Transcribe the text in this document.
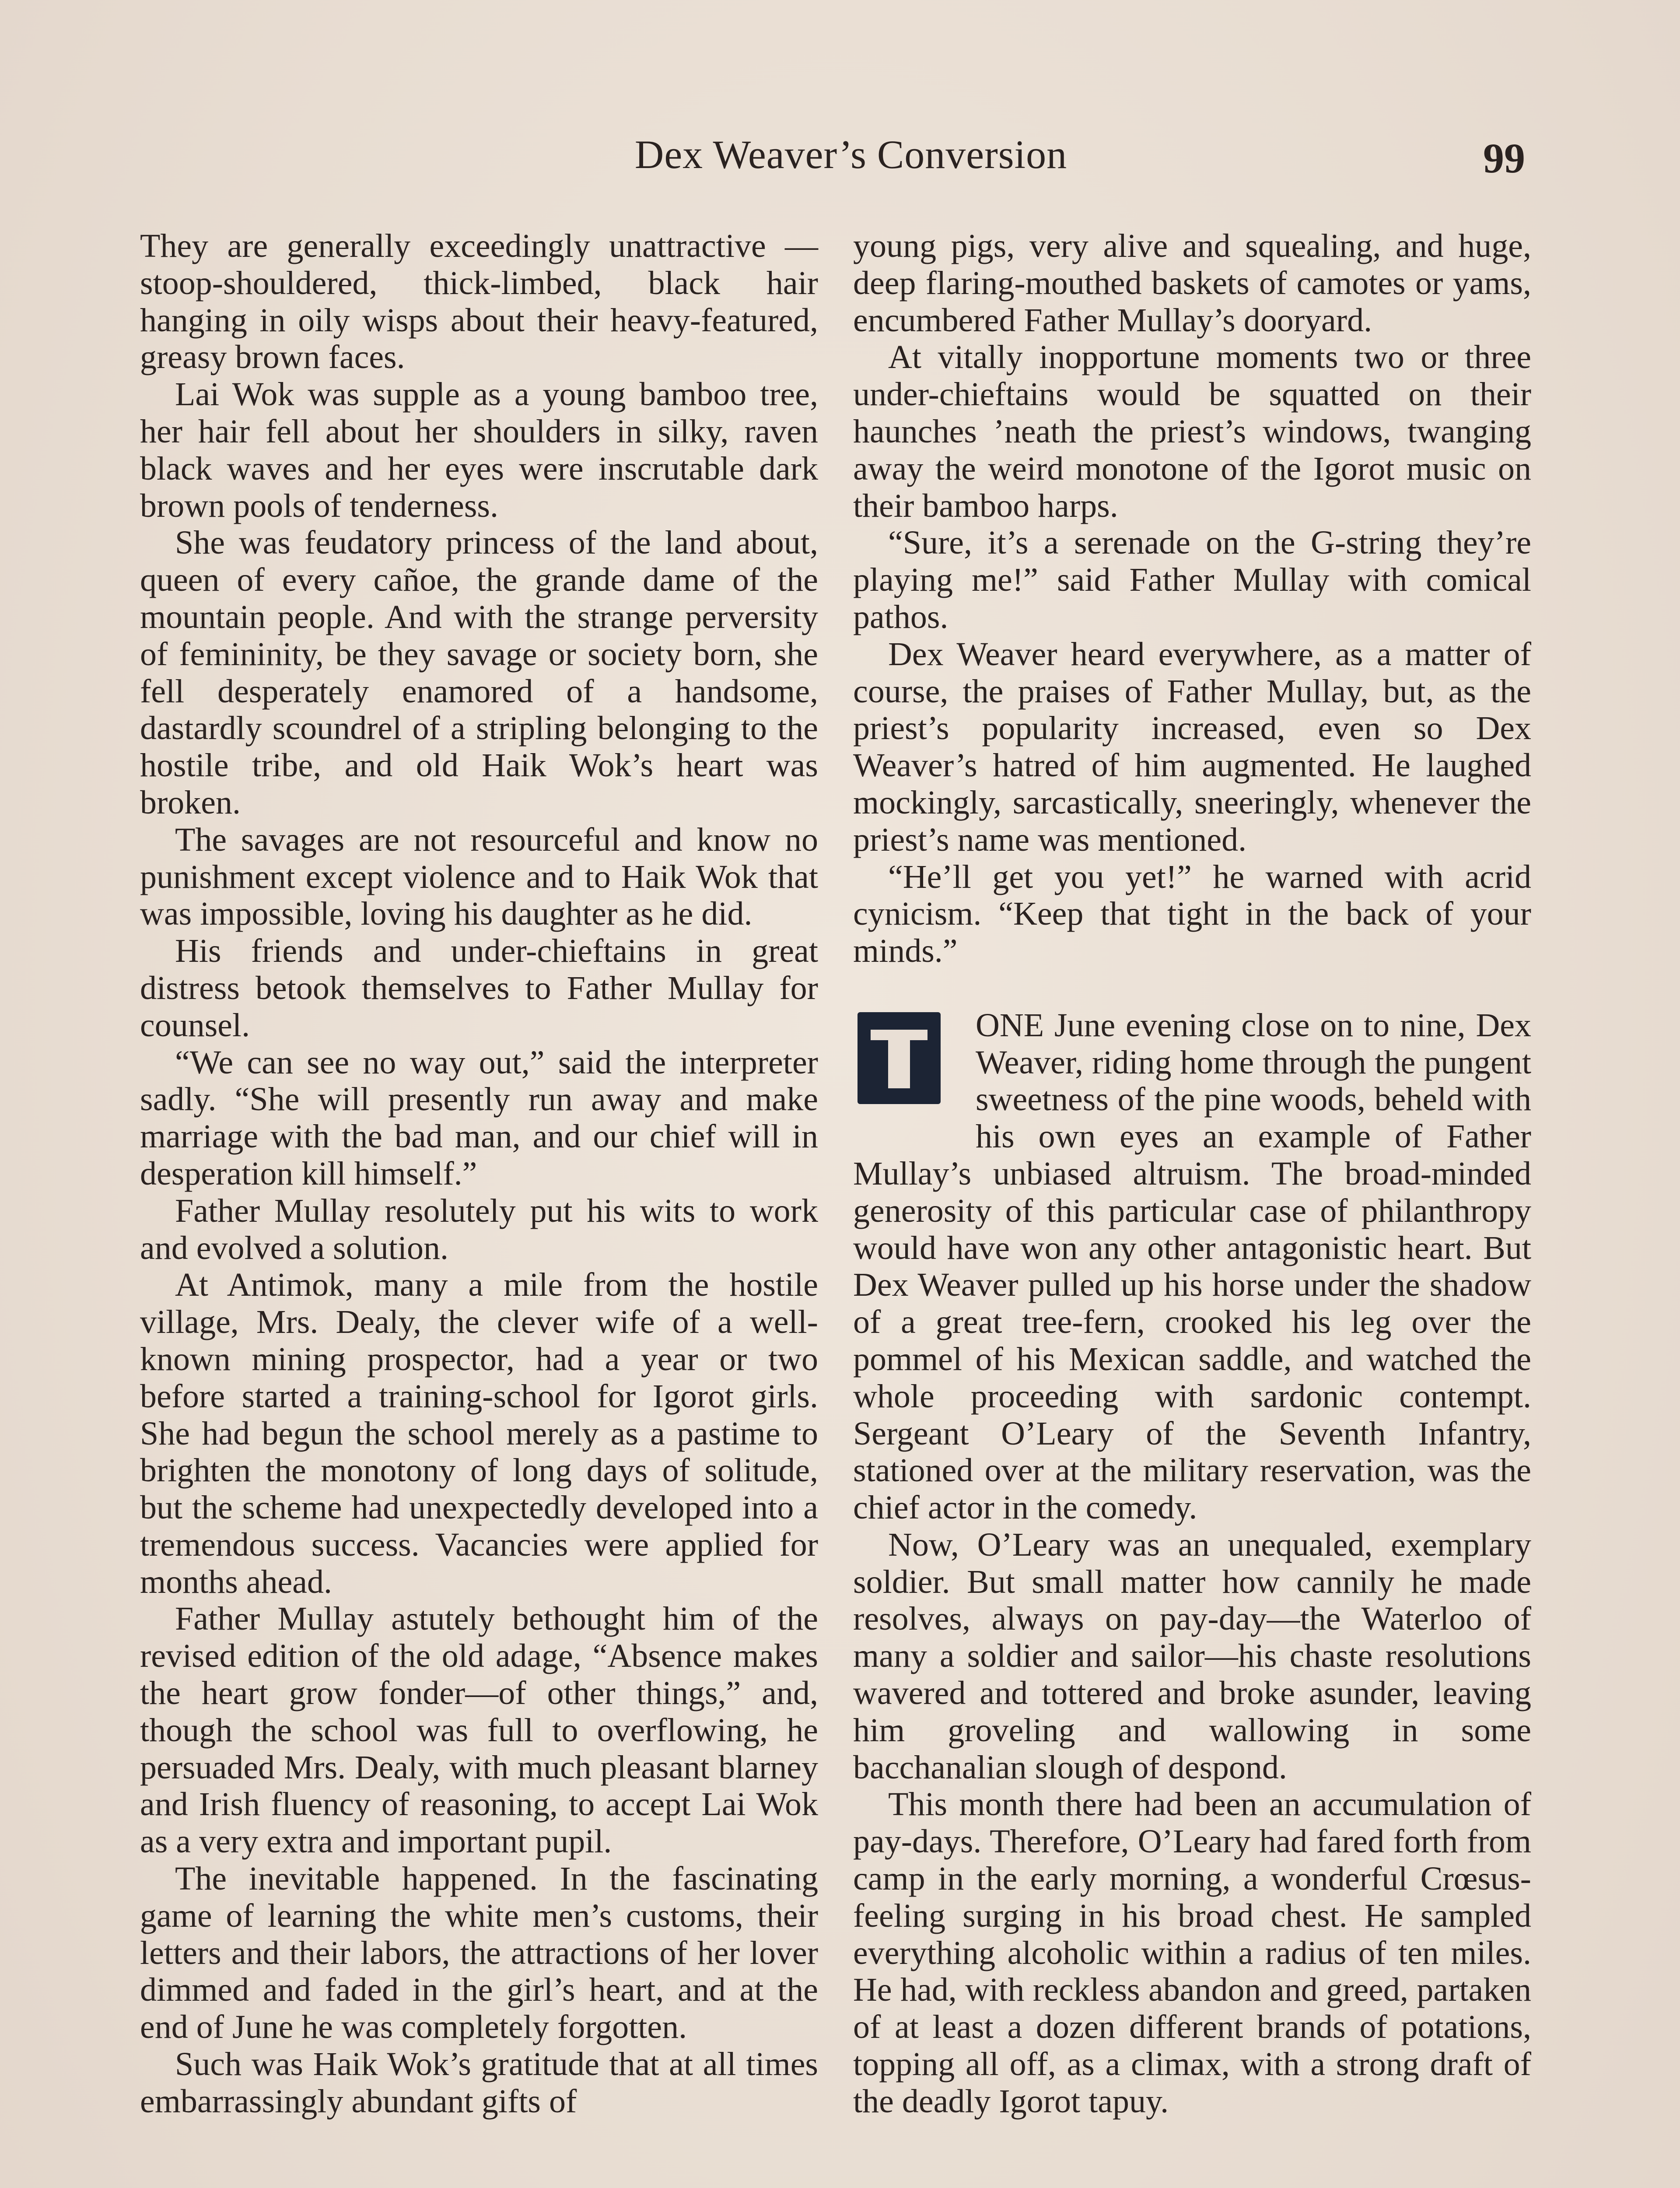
Dex Weaver’s Conversion	99

They are generally exceedingly unattractive —stoop-shouldered, thick-limbed, black hair hanging in oily wisps about their heavy-featured, greasy brown faces.

Lai Wok was supple as a young bamboo tree, her hair fell about her shoulders in silky, raven black waves and her eyes were inscrutable dark brown pools of tenderness.

She was feudatory princess of the land about, queen of every cañoe, the grande dame of the mountain people. And with the strange perversity of femininity, be they savage or society born, she fell desperately enamored of a handsome, dastardly scoundrel of a stripling belonging to the hostile tribe, and old Haik Wok’s heart was broken.

The savages are not resourceful and know no punishment except violence and to Haik Wok that was impossible, loving his daughter as he did.

His friends and under-chieftains in great distress betook themselves to Father Mullay for counsel.

“We can see no way out,” said the interpreter sadly. “She will presently run away and make marriage with the bad man, and our chief will in desperation kill himself.”

Father Mullay resolutely put his wits to work and evolved a solution.

At Antimok, many a mile from the hostile village, Mrs. Dealy, the clever wife of a well-known mining prospector, had a year or two before started a training-school for Igorot girls. She had begun the school merely as a pastime to brighten the monotony of long days of solitude, but the scheme had unexpectedly developed into a tremendous success. Vacancies were applied for months ahead.

Father Mullay astutely bethought him of the revised edition of the old adage, “Absence makes the heart grow fonder—of other things,” and, though the school was full to overflowing, he persuaded Mrs. Dealy, with much pleasant blarney and Irish fluency of reasoning, to accept Lai Wok as a very extra and important pupil.

The inevitable happened. In the fascinating game of learning the white men’s customs, their letters and their labors, the attractions of her lover dimmed and faded in the girl’s heart, and at the end of June he was completely forgotten.

Such was Haik Wok’s gratitude that at all times embarrassingly abundant gifts of

young pigs, very alive and squealing, and huge, deep flaring-mouthed baskets of camotes or yams, encumbered Father Mullay’s dooryard.

At vitally inopportune moments two or three under-chieftains would be squatted on their haunches ’neath the priest’s windows, twanging away the weird monotone of the Igorot music on their bamboo harps.

“Sure, it’s a serenade on the G-string they’re playing me!” said Father Mullay with comical pathos.

Dex Weaver heard everywhere, as a matter of course, the praises of Father Mullay, but, as the priest’s popularity increased, even so Dex Weaver’s hatred of him augmented. He laughed mockingly, sarcastically, sneeringly, whenever the priest’s name was mentioned.

“He’ll get you yet!” he warned with acrid cynicism. “Keep that tight in the back of your minds.”

ONE June evening close on to nine, Dex Weaver, riding home through the pungent sweetness of the pine woods, beheld with his own eyes an example of Father Mullay’s unbiased altruism. The broad-minded generosity of this particular case of philanthropy would have won any other antagonistic heart. But Dex Weaver pulled up his horse under the shadow of a great tree-fern, crooked his leg over the pommel of his Mexican saddle, and watched the whole proceeding with sardonic contempt. Sergeant O’Leary of the Seventh Infantry, stationed over at the military reservation, was the chief actor in the comedy.

Now, O’Leary was an unequaled, exemplary soldier. But small matter how cannily he made resolves, always on pay-day—the Waterloo of many a soldier and sailor—his chaste resolutions wavered and tottered and broke asunder, leaving him groveling and wallowing in some bacchanalian slough of despond.

This month there had been an accumulation of pay-days. Therefore, O’Leary had fared forth from camp in the early morning, a wonderful Crœsus-feeling surging in his broad chest. He sampled everything alcoholic within a radius of ten miles. He had, with reckless abandon and greed, partaken of at least a dozen different brands of potations, topping all off, as a climax, with a strong draft of the deadly Igorot tapuy.
